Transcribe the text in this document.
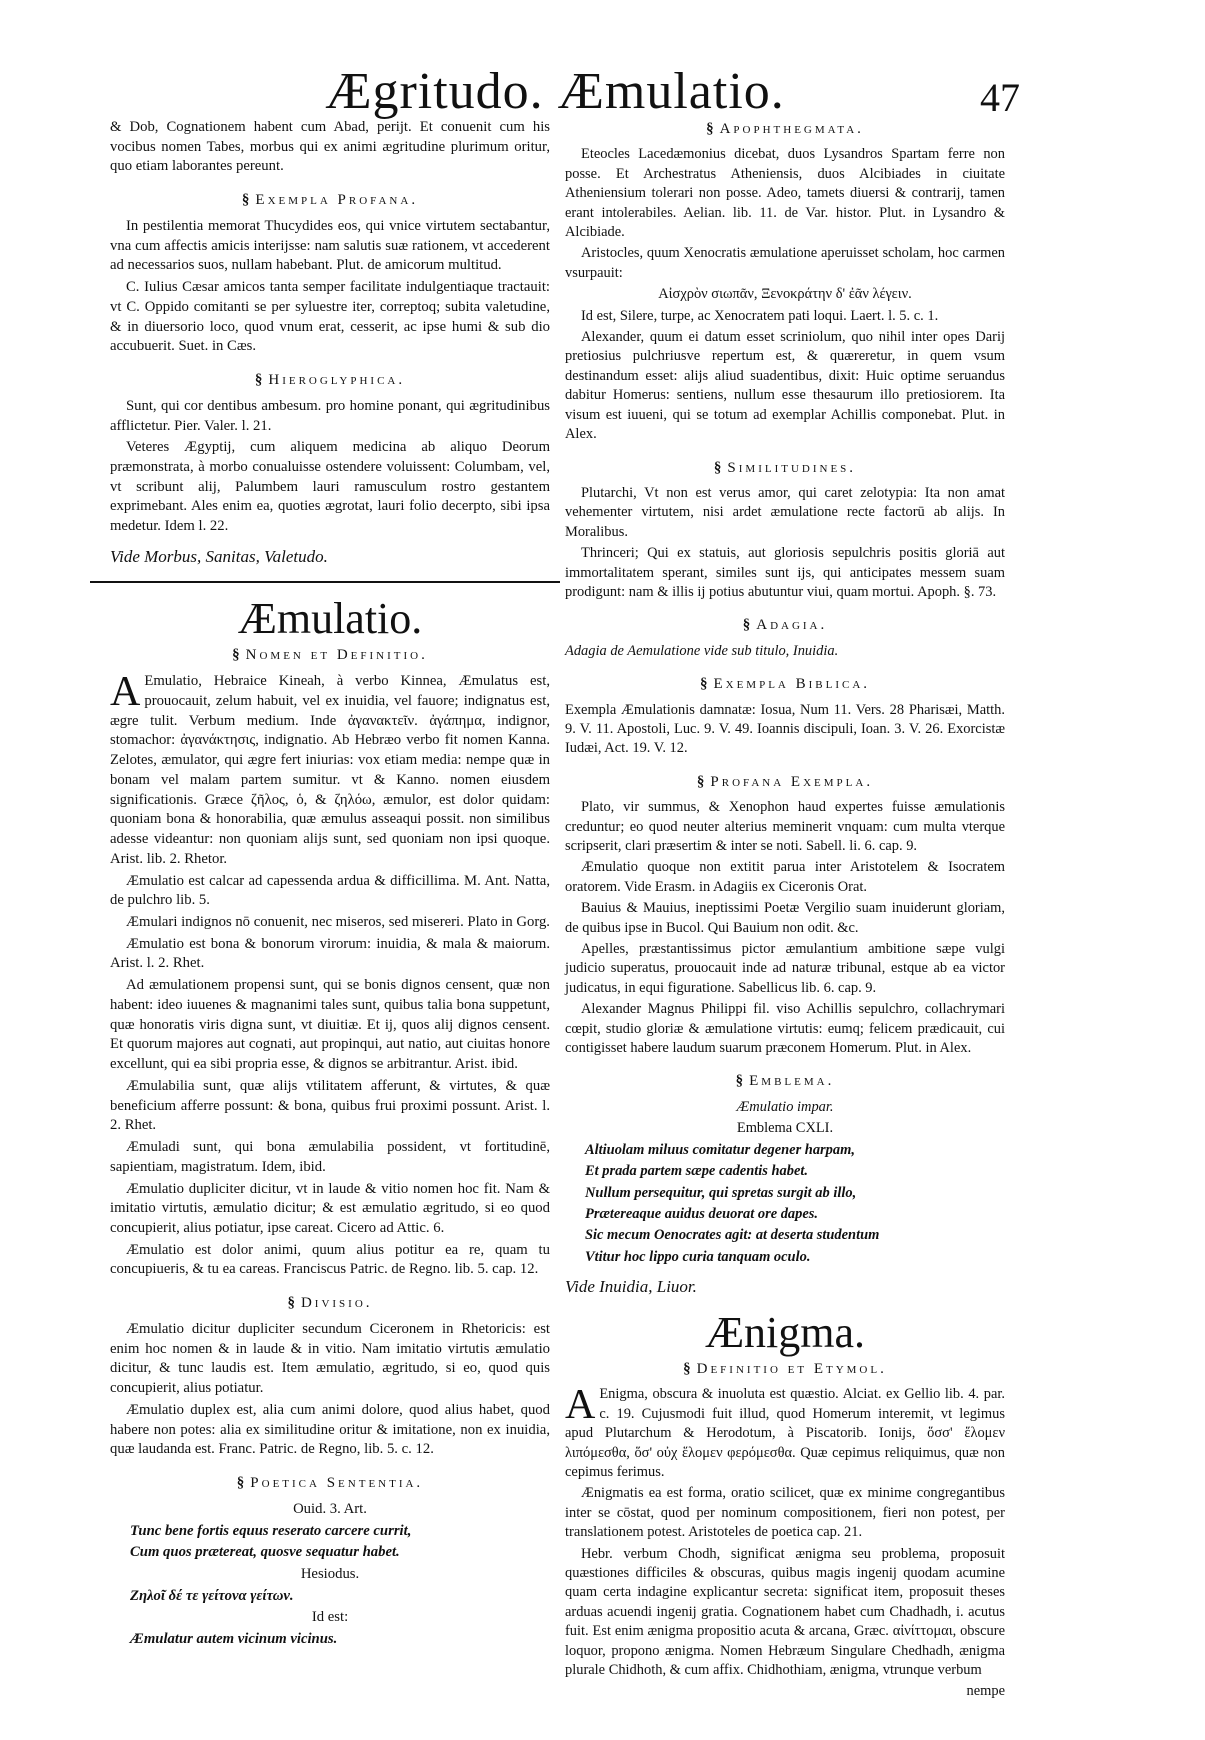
Ægritudo. Æmulatio.	47

& Dob, Cognationem habent cum Abad, perijt. Et conuenit cum his vocibus nomen Tabes, morbus qui ex animi ægritudine plurimum oritur, quo etiam laborantes pereunt.

§ Exempla Profana.

In pestilentia memorat Thucydides eos, qui vnice virtutem sectabantur, vna cum affectis amicis interijsse: nam salutis suæ rationem, vt accederent ad necessarios suos, nullam habebant. Plut. de amicorum multitud.

C. Iulius Cæsar amicos tanta semper facilitate indulgentiaque tractauit: vt C. Oppido comitanti se per syluestre iter, correptoq; subita valetudine, & in diuersorio loco, quod vnum erat, cesserit, ac ipse humi & sub dio accubuerit. Suet. in Cæs.

§ Hieroglyphica.

Sunt, qui cor dentibus ambesum. pro homine ponant, qui ægritudinibus afflictetur. Pier. Valer. l. 21.

Veteres Ægyptij, cum aliquem medicina ab aliquo Deorum præmonstrata, à morbo conualuisse ostendere voluissent: Columbam, vel, vt scribunt alij, Palumbem lauri ramusculum rostro gestantem exprimebant. Ales enim ea, quoties ægrotat, lauri folio decerpto, sibi ipsa medetur. Idem l. 22.

Vide Morbus, Sanitas, Valetudo.

Æmulatio.
§ Nomen et Definitio.

A Emulatio, Hebraice Kineah, à verbo Kinnea, Æmulatus est, prouocauit, zelum habuit, vel ex inuidia, vel fauore; indignatus est, ægre tulit. Verbum medium. Inde ἀγανακτεῖν. ἀγάπημα, indignor, stomachor: ἀγανάκτησις, indignatio. Ab Hebræo verbo fit nomen Kanna. Zelotes, æmulator, qui ægre fert iniurias: vox etiam media: nempe quæ in bonam vel malam partem sumitur. vt & Kanno. nomen eiusdem significationis. Græce ζῆλος, ὁ, & ζηλόω, æmulor, est dolor quidam: quoniam bona & honorabilia, quæ æmulus asseaqui possit. non similibus adesse videantur: non quoniam alijs sunt, sed quoniam non ipsi quoque. Arist. lib. 2. Rhetor.

Æmulatio est calcar ad capessenda ardua & difficillima. M. Ant. Natta, de pulchro lib. 5.

Æmulari indignos nō conuenit, nec miseros, sed misereri. Plato in Gorg.

Æmulatio est bona & bonorum virorum: inuidia, & mala & maiorum. Arist. l. 2. Rhet.

Ad æmulationem propensi sunt, qui se bonis dignos censent, quæ non habent: ideo iuuenes & magnanimi tales sunt, quibus talia bona suppetunt, quæ honoratis viris digna sunt, vt diuitiæ. Et ij, quos alij dignos censent. Et quorum majores aut cognati, aut propinqui, aut natio, aut ciuitas honore excellunt, qui ea sibi propria esse, & dignos se arbitrantur. Arist. ibid.

Æmulabilia sunt, quæ alijs vtilitatem afferunt, & virtutes, & quæ beneficium afferre possunt: & bona, quibus frui proximi possunt. Arist. l. 2. Rhet.

Æmuladi sunt, qui bona æmulabilia possident, vt fortitudinē, sapientiam, magistratum. Idem, ibid.

Æmulatio dupliciter dicitur, vt in laude & vitio nomen hoc fit. Nam & imitatio virtutis, æmulatio dicitur; & est æmulatio ægritudo, si eo quod concupierit, alius potiatur, ipse careat. Cicero ad Attic. 6.

Æmulatio est dolor animi, quum alius potitur ea re, quam tu concupiueris, & tu ea careas. Franciscus Patric. de Regno. lib. 5. cap. 12.

§ Divisio.

Æmulatio dicitur dupliciter secundum Ciceronem in Rhetoricis: est enim hoc nomen & in laude & in vitio. Nam imitatio virtutis æmulatio dicitur, & tunc laudis est. Item æmulatio, ægritudo, si eo, quod quis concupierit, alius potiatur.

Æmulatio duplex est, alia cum animi dolore, quod alius habet, quod habere non potes: alia ex similitudine oritur & imitatione, non ex inuidia, quæ laudanda est. Franc. Patric. de Regno, lib. 5. c. 12.

§ Poetica Sententia.

Ouid. 3. Art.

Tunc bene fortis equus reserato carcere currit,

Cum quos prætereat, quosve sequatur habet.

Hesiodus.

Ζηλοῖ δέ τε γείτονα γείτων.

Id est:

Æmulatur autem vicinum vicinus.

§ Apophthegmata.

Eteocles Lacedæmonius dicebat, duos Lysandros Spartam ferre non posse. Et Archestratus Atheniensis, duos Alcibiades in ciuitate Atheniensium tolerari non posse. Adeo, tamets diuersi & contrarij, tamen erant intolerabiles. Aelian. lib. 11. de Var. histor. Plut. in Lysandro & Alcibiade.

Aristocles, quum Xenocratis æmulatione aperuisset scholam, hoc carmen vsurpauit:

Αἰσχρὸν σιωπᾶν, Ξενοκράτην δ' ἐᾶν λέγειν.

Id est, Silere, turpe, ac Xenocratem pati loqui. Laert. l. 5. c. 1.

Alexander, quum ei datum esset scriniolum, quo nihil inter opes Darij pretiosius pulchriusve repertum est, & quæreretur, in quem vsum destinandum esset: alijs aliud suadentibus, dixit: Huic optime seruandus dabitur Homerus: sentiens, nullum esse thesaurum illo pretiosiorem. Ita visum est iuueni, qui se totum ad exemplar Achillis componebat. Plut. in Alex.

§ Similitudines.

Plutarchi, Vt non est verus amor, qui caret zelotypia: Ita non amat vehementer virtutem, nisi ardet æmulatione recte factorū ab alijs. In Moralibus.

Thrinceri; Qui ex statuis, aut gloriosis sepulchris positis gloriā aut immortalitatem sperant, similes sunt ijs, qui anticipates messem suam prodigunt: nam & illis ij potius abutuntur viui, quam mortui. Apoph. §. 73.

§ Adagia.

Adagia de Aemulatione vide sub titulo, Inuidia.

§ Exempla Biblica.

Exempla Æmulationis damnatæ: Iosua, Num 11. Vers. 28 Pharisæi, Matth. 9. V. 11. Apostoli, Luc. 9. V. 49. Ioannis discipuli, Ioan. 3. V. 26. Exorcistæ Iudæi, Act. 19. V. 12.

§ Profana Exempla.

Plato, vir summus, & Xenophon haud expertes fuisse æmulationis creduntur; eo quod neuter alterius meminerit vnquam: cum multa vterque scripserit, clari præsertim & inter se noti. Sabell. li. 6. cap. 9.

Æmulatio quoque non extitit parua inter Aristotelem & Isocratem oratorem. Vide Erasm. in Adagiis ex Ciceronis Orat.

Bauius & Mauius, ineptissimi Poetæ Vergilio suam inuiderunt gloriam, de quibus ipse in Bucol. Qui Bauium non odit. &c.

Apelles, præstantissimus pictor æmulantium ambitione sæpe vulgi judicio superatus, prouocauit inde ad naturæ tribunal, estque ab ea victor judicatus, in equi figuratione. Sabellicus lib. 6. cap. 9.

Alexander Magnus Philippi fil. viso Achillis sepulchro, collachrymari cœpit, studio gloriæ & æmulatione virtutis: eumq; felicem prædicauit, cui contigisset habere laudum suarum præconem Homerum. Plut. in Alex.

§ Emblema.

Æmulatio impar.

Emblema CXLI.

Altiuolam miluus comitatur degener harpam,

Et prada partem sæpe cadentis habet.

Nullum persequitur, qui spretas surgit ab illo,

Prætereaque auidus deuorat ore dapes.

Sic mecum Oenocrates agit: at deserta studentum

Vtitur hoc lippo curia tanquam oculo.

Vide Inuidia, Liuor.

Ænigma.
§ Definitio et Etymol.

A Enigma, obscura & inuoluta est quæstio. Alciat. ex Gellio lib. 4. par. c. 19. Cujusmodi fuit illud, quod Homerum interemit, vt legimus apud Plutarchum & Herodotum, à Piscatorib. Ionijs, ὅσσ' ἕλομεν λιπόμεσθα, ὅσ' οὐχ ἕλομεν φερόμεσθα. Quæ cepimus reliquimus, quæ non cepimus ferimus.

Ænigmatis ea est forma, oratio scilicet, quæ ex minime congregantibus inter se cōstat, quod per nominum compositionem, fieri non potest, per translationem potest. Aristoteles de poetica cap. 21.

Hebr. verbum Chodh, significat ænigma seu problema, proposuit quæstiones difficiles & obscuras, quibus magis ingenij quodam acumine quam certa indagine explicantur secreta: significat item, proposuit theses arduas acuendi ingenij gratia. Cognationem habet cum Chadhadh, i. acutus fuit. Est enim ænigma propositio acuta & arcana, Græc. αἰνίττομαι, obscure loquor, propono ænigma. Nomen Hebræum Singulare Chedhadh, ænigma plurale Chidhoth, & cum affix. Chidhothiam, ænigma, vtrunque verbum

nempe
